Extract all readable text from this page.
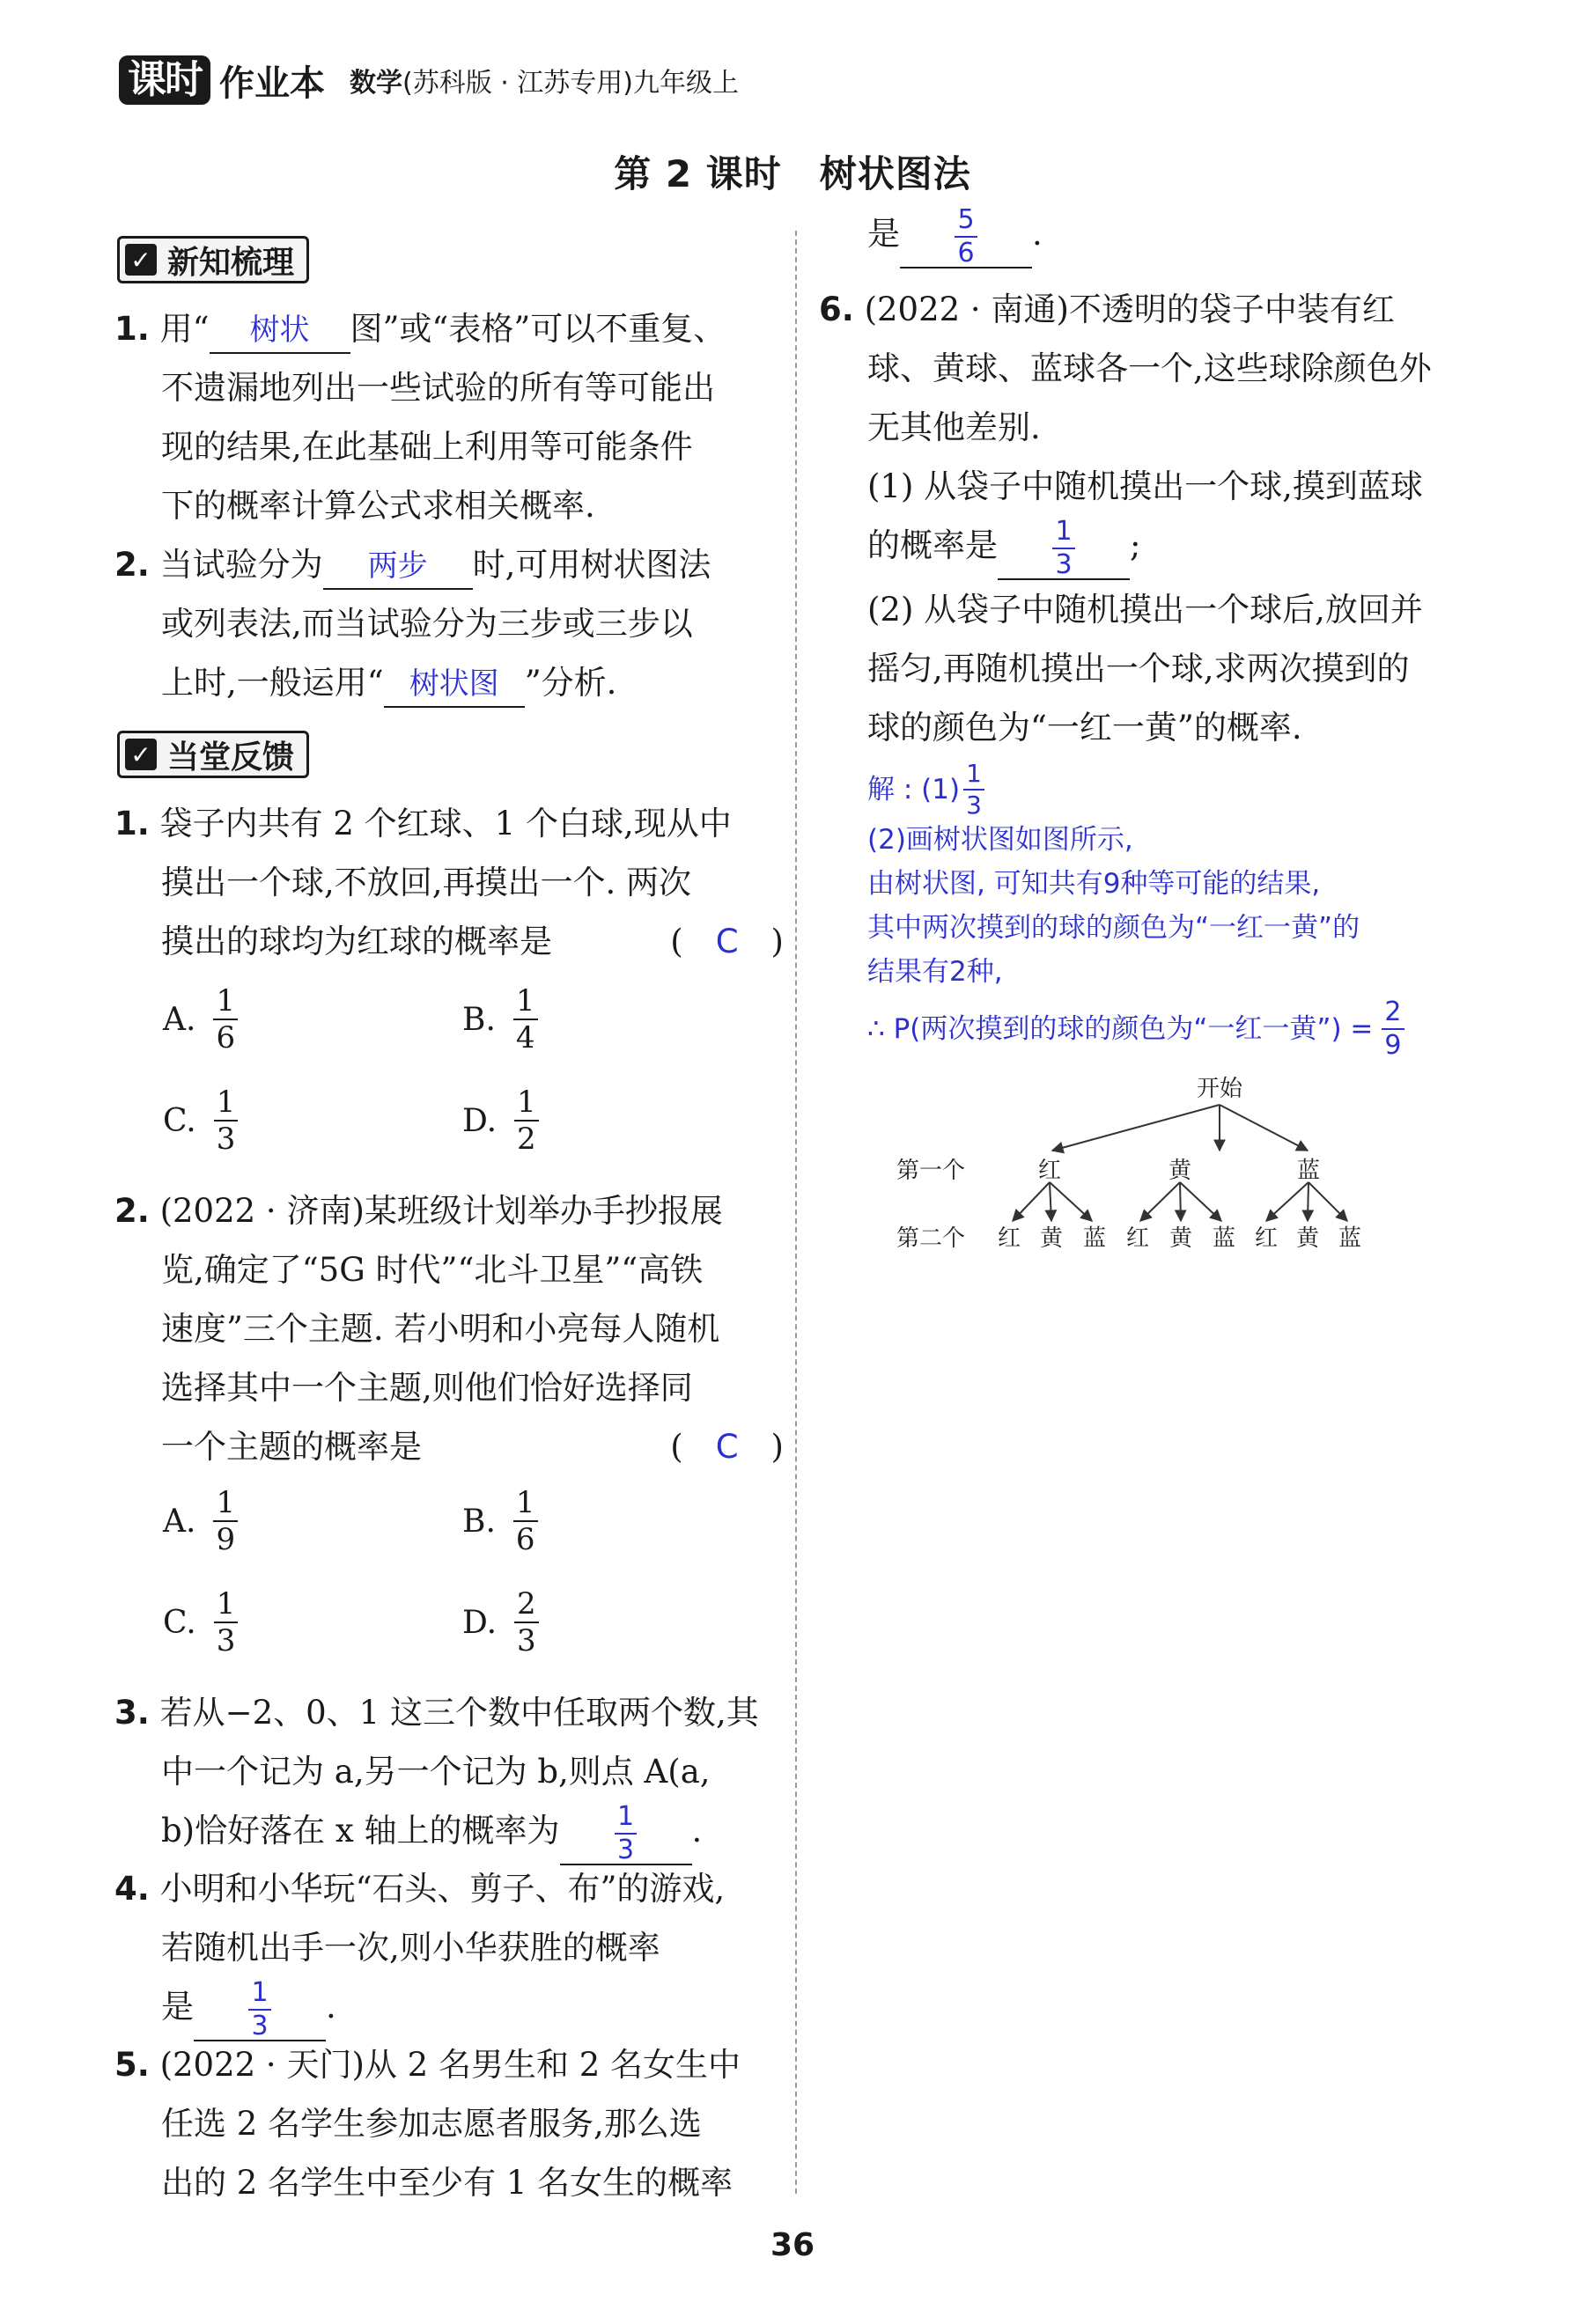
课时 作业本 数学(苏科版 · 江苏专用)九年级上
第 2 课时　树状图法
✓ 新知梳理
1. 用“ 树状 图”或“表格”可以不重复、
不遗漏地列出一些试验的所有等可能出
现的结果,在此基础上利用等可能条件
下的概率计算公式求相关概率.
2. 当试验分为 两步 时,可用树状图法
或列表法,而当试验分为三步或三步以
上时,一般运用“ 树状图 ”分析.
✓ 当堂反馈
1. 袋子内共有 2 个红球、1 个白球,现从中
摸出一个球,不放回,再摸出一个. 两次
摸出的球均为红球的概率是	(　C　)
A. $\frac{1}{6}$	B. $\frac{1}{4}$
C. $\frac{1}{3}$	D. $\frac{1}{2}$
2. (2022 · 济南)某班级计划举办手抄报展
览,确定了“5G 时代”“北斗卫星”“高铁
速度”三个主题. 若小明和小亮每人随机
选择其中一个主题,则他们恰好选择同
一个主题的概率是	(　C　)
A. $\frac{1}{9}$	B. $\frac{1}{6}$
C. $\frac{1}{3}$	D. $\frac{2}{3}$
3. 若从−2、0、1 这三个数中任取两个数,其
中一个记为 a,另一个记为 b,则点 A(a,
b)恰好落在 x 轴上的概率为 $\frac{1}{3}$ .
4. 小明和小华玩“石头、剪子、布”的游戏,
若随机出手一次,则小华获胜的概率
是 $\frac{1}{3}$ .
5. (2022 · 天门)从 2 名男生和 2 名女生中
任选 2 名学生参加志愿者服务,那么选
出的 2 名学生中至少有 1 名女生的概率
是 $\frac{5}{6}$ .
6. (2022 · 南通)不透明的袋子中装有红
球、黄球、蓝球各一个,这些球除颜色外
无其他差别.
(1) 从袋子中随机摸出一个球,摸到蓝球
的概率是 $\frac{1}{3}$ ;
(2) 从袋子中随机摸出一个球后,放回并
摇匀,再随机摸出一个球,求两次摸到的
球的颜色为“一红一黄”的概率.
解 : $(1) \frac{1}{3}$
(2)画树状图如图所示,
由树状图, 可知共有9种等可能的结果,
其中两次摸到的球的颜色为“一红一黄”的
结果有2种,
∴ P(两次摸到的球的颜色为“一红一黄”) = $\frac{2}{9}$
开始
第一个
第二个
红	黄	蓝
红 黄 蓝 红 黄 蓝 红 黄 蓝
36
